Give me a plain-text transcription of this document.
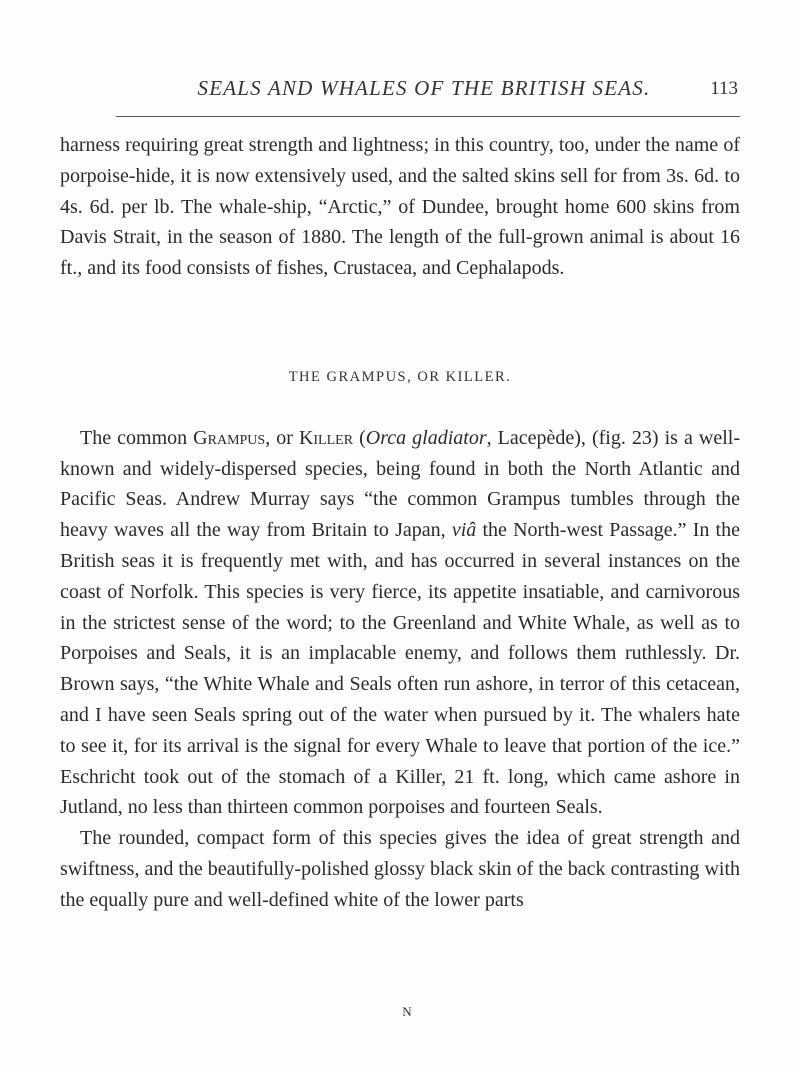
SEALS AND WHALES OF THE BRITISH SEAS.	113

harness requiring great strength and lightness; in this country, too, under the name of porpoise-hide, it is now extensively used, and the salted skins sell for from 3s. 6d. to 4s. 6d. per lb. The whale-ship, “Arctic,” of Dundee, brought home 600 skins from Davis Strait, in the season of 1880. The length of the full-grown animal is about 16 ft., and its food consists of fishes, Crustacea, and Cephalapods.

THE GRAMPUS, OR KILLER.

The common Grampus, or Killer (Orca gladiator, Lacepède), (fig. 23) is a well-known and widely-dispersed species, being found in both the North Atlantic and Pacific Seas. Andrew Murray says “the common Grampus tumbles through the heavy waves all the way from Britain to Japan, viâ the North-west Passage.” In the British seas it is frequently met with, and has occurred in several instances on the coast of Norfolk. This species is very fierce, its appetite insatiable, and carnivorous in the strictest sense of the word; to the Greenland and White Whale, as well as to Porpoises and Seals, it is an implacable enemy, and follows them ruthlessly. Dr. Brown says, “the White Whale and Seals often run ashore, in terror of this cetacean, and I have seen Seals spring out of the water when pursued by it. The whalers hate to see it, for its arrival is the signal for every Whale to leave that portion of the ice.” Eschricht took out of the stomach of a Killer, 21 ft. long, which came ashore in Jutland, no less than thirteen common porpoises and fourteen Seals.

The rounded, compact form of this species gives the idea of great strength and swiftness, and the beautifully-polished glossy black skin of the back contrasting with the equally pure and well-defined white of the lower parts

N
